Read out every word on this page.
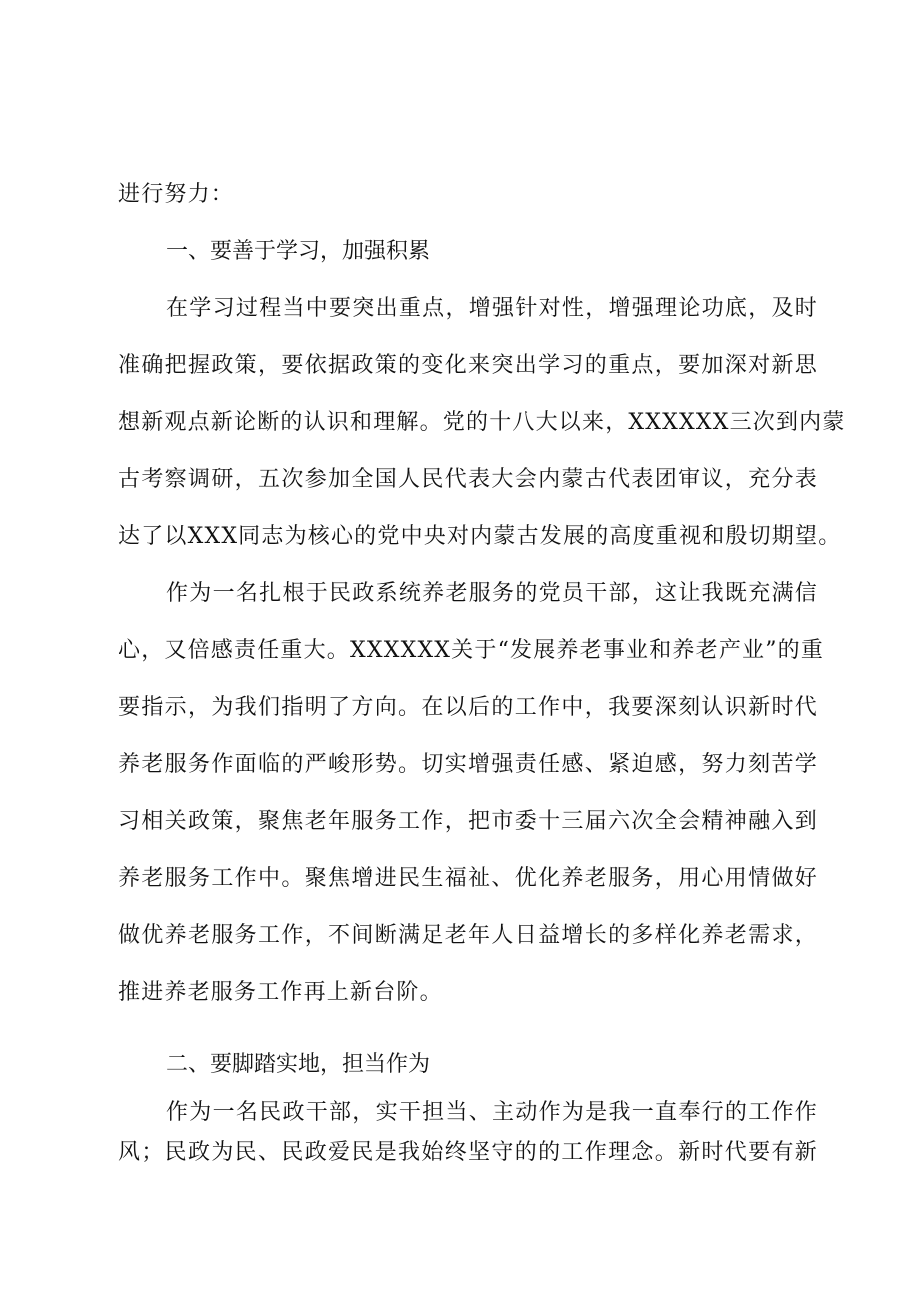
进行努力：
一、要善于学习，加强积累
在学习过程当中要突出重点，增强针对性，增强理论功底，及时
准确把握政策，要依据政策的变化来突出学习的重点，要加深对新思
想新观点新论断的认识和理解。党的十八大以来，XXXXXX三次到内蒙
古考察调研，五次参加全国人民代表大会内蒙古代表团审议，充分表
达了以XXX同志为核心的党中央对内蒙古发展的高度重视和殷切期望。
作为一名扎根于民政系统养老服务的党员干部，这让我既充满信
心，又倍感责任重大。XXXXXX关于“发展养老事业和养老产业”的重
要指示，为我们指明了方向。在以后的工作中，我要深刻认识新时代
养老服务作面临的严峻形势。切实增强责任感、紧迫感，努力刻苦学
习相关政策，聚焦老年服务工作，把市委十三届六次全会精神融入到
养老服务工作中。聚焦增进民生福祉、优化养老服务，用心用情做好
做优养老服务工作，不间断满足老年人日益增长的多样化养老需求，
推进养老服务工作再上新台阶。
二、要脚踏实地，担当作为
作为一名民政干部，实干担当、主动作为是我一直奉行的工作作
风；民政为民、民政爱民是我始终坚守的的工作理念。新时代要有新
